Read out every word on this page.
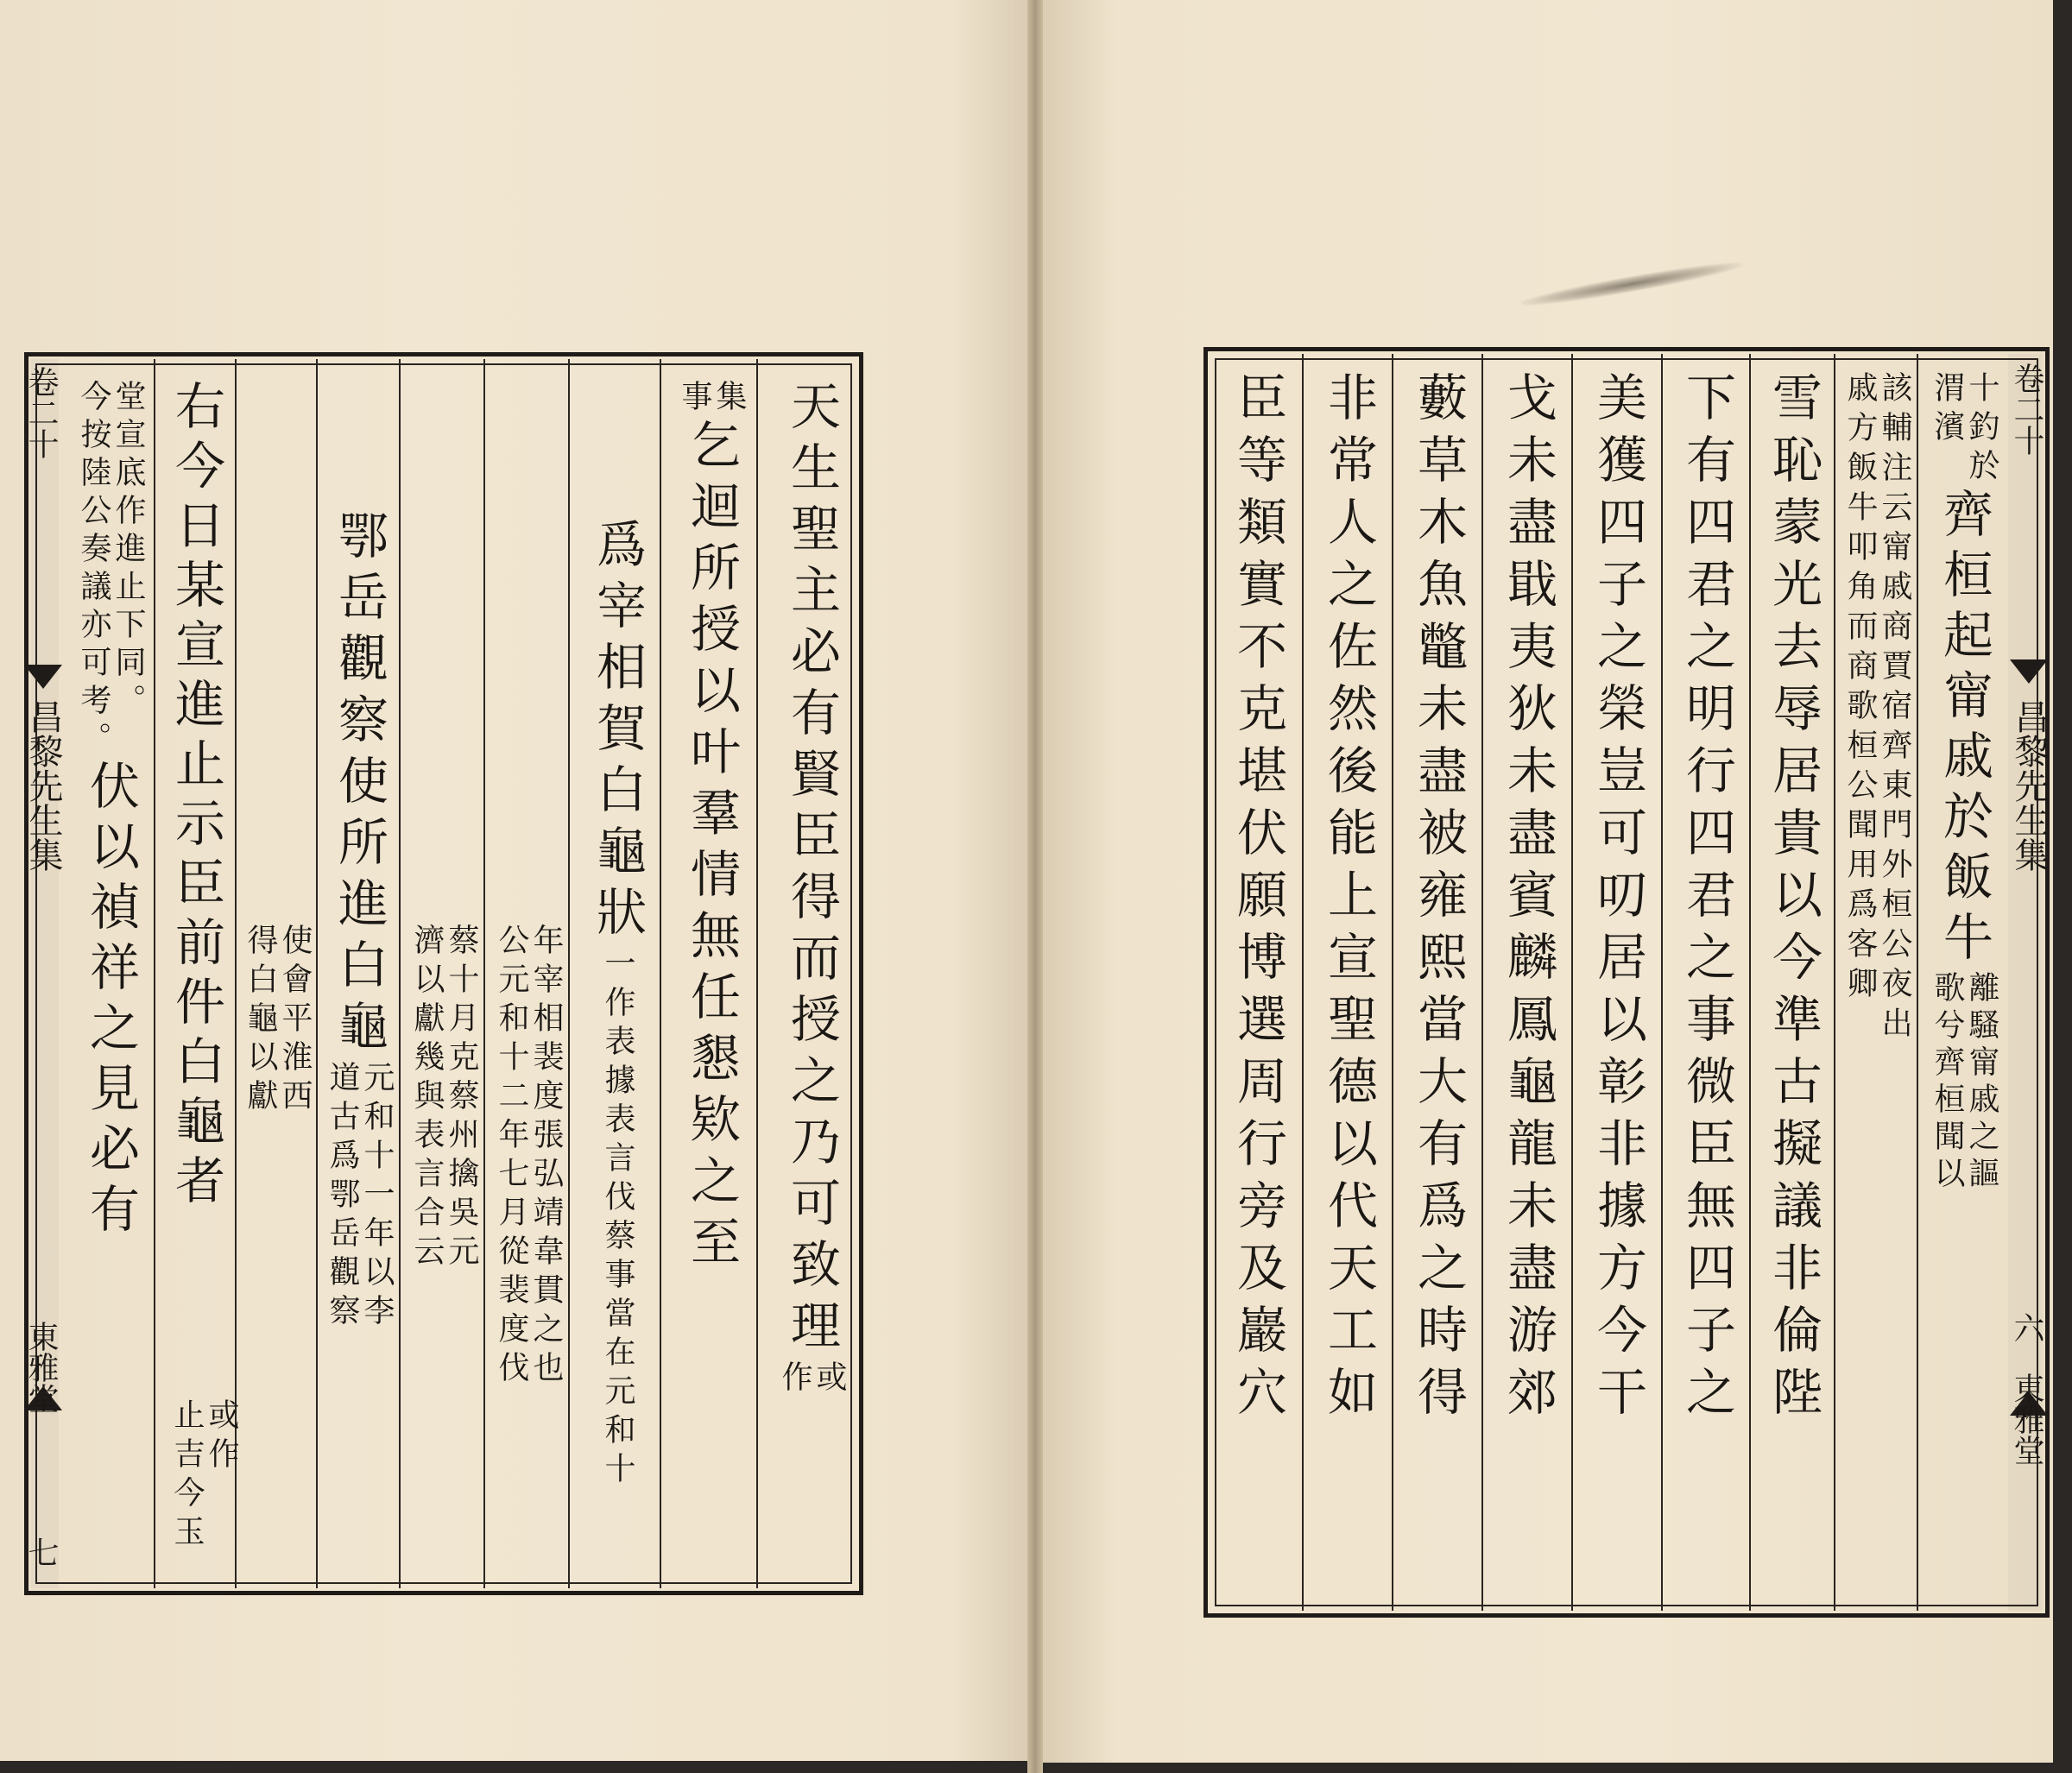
卷二十
昌黎先生集
東雅堂
七
天生聖主必有賢臣得而授之乃可致理
或
作
集
事
乞迴所授以叶羣情無任懇欵之至
爲宰相賀白龜狀
一作表據表言伐蔡事當在元和十
年宰相裴度張弘靖韋貫之也
公元和十二年七月從裴度伐
蔡十月克蔡州擒吳元
濟以獻幾與表言合云
鄂岳觀察使所進白龜
元和十一年以李
道古爲鄂岳觀察
使會平淮西
得白龜以獻
右今日某宣進止示臣前件白龜者
或作
止吉今玉
堂宣底作進止下同。
今按陸公奏議亦可考。
伏以禎祥之見必有
卷二十
昌黎先生集
六
東雅堂
十釣於
渭濱
齊桓起甯戚於飯牛
離騷甯戚之謳
歌兮齊桓聞以
該輔注云甯戚商賈宿齊東門外桓公夜出
戚方飯牛叩角而商歌桓公聞用爲客卿
雪恥蒙光去辱居貴以今準古擬議非倫陛
下有四君之明行四君之事微臣無四子之
美獲四子之榮豈可叨居以彰非據方今干
戈未盡戢夷狄未盡賓麟鳳龜龍未盡游郊
藪草木魚鼈未盡被雍熙當大有爲之時得
非常人之佐然後能上宣聖德以代天工如
臣等類實不克堪伏願博選周行旁及巖穴
